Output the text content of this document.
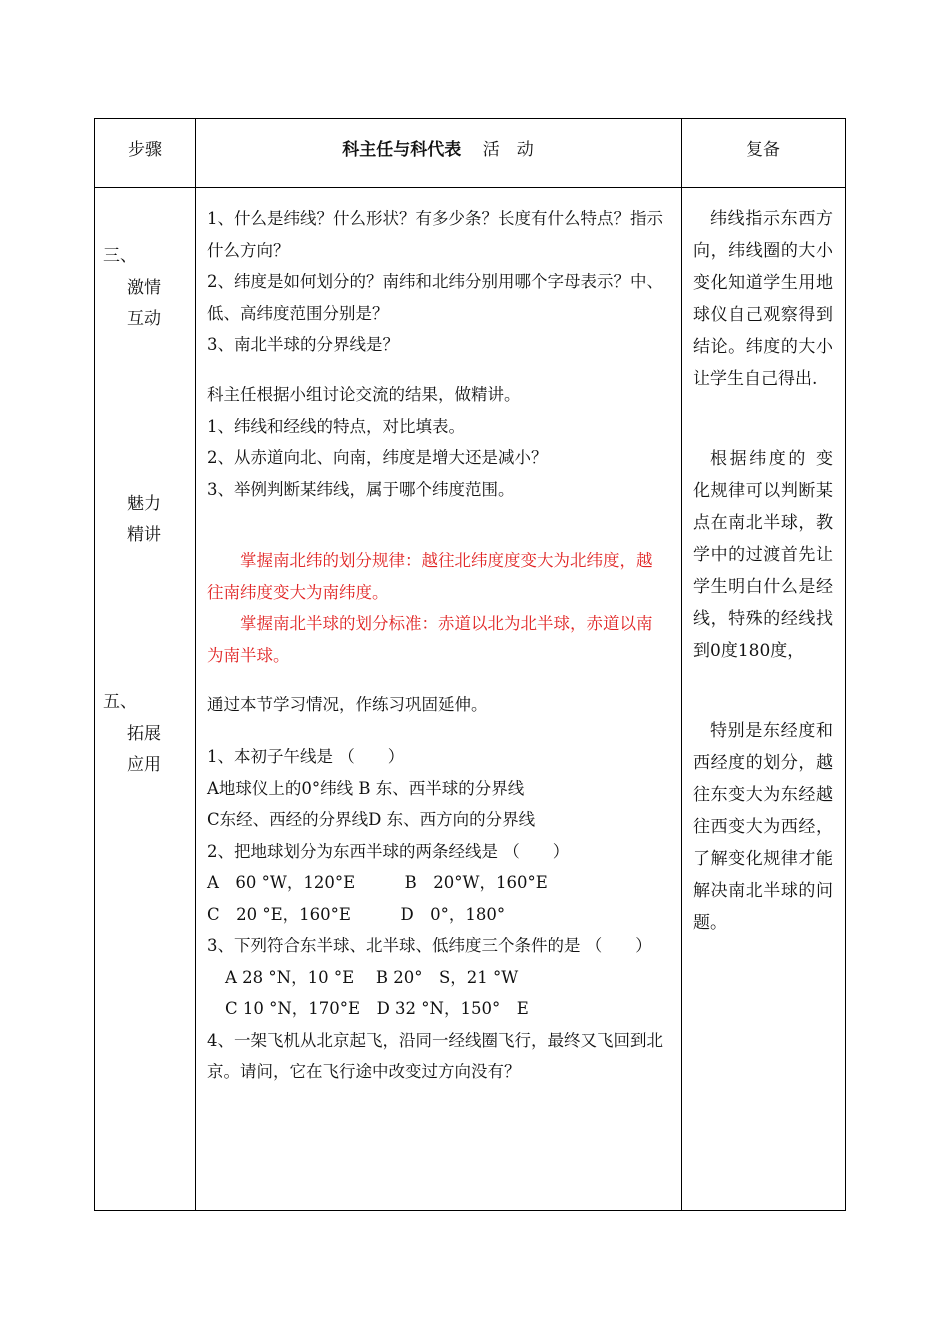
步骤	科主任与科代表 活　动	复备
三、
激情
互动
魅力
精讲
五、
拓展
应用

1、什么是纬线？什么形状？有多少条？长度有什么特点？指示什么方向？

2、纬度是如何划分的？南纬和北纬分别用哪个字母表示？中、低、高纬度范围分别是？

3、南北半球的分界线是？

科主任根据小组讨论交流的结果，做精讲。

1、纬线和经线的特点，对比填表。

2、从赤道向北、向南，纬度是增大还是减小？

3、举例判断某纬线，属于哪个纬度范围。

掌握南北纬的划分规律：越往北纬度度变大为北纬度，越往南纬度变大为南纬度。

掌握南北半球的划分标准：赤道以北为北半球，赤道以南为南半球。

通过本节学习情况，作练习巩固延伸。

1、本初子午线是 （　　）

A地球仪上的0°纬线 B 东、西半球的分界线

C东经、西经的分界线D 东、西方向的分界线

2、把地球划分为东西半球的两条经线是 （　　）

A　60 °W，120°E　　　B　20°W，160°E

C　20 °E，160°E　　　D　0°，180°

3、下列符合东半球、北半球、低纬度三个条件的是 （　　）

A 28 °N，10 °E　 B 20°　S，21 °W

C 10 °N，170°E　D 32 °N，150°　E

4、一架飞机从北京起飞，沿同一经线圈飞行，最终又飞回到北京。请问，它在飞行途中改变过方向没有？

纬线指示东西方向，纬线圈的大小变化知道学生用地球仪自己观察得到结论。纬度的大小让学生自己得出.

根据纬度的 变化规律可以判断某点在南北半球，教学中的过渡首先让学生明白什么是经线，特殊的经线找到0度180度，

特别是东经度和西经度的划分，越往东变大为东经越往西变大为西经，了解变化规律才能解决南北半球的问题。
